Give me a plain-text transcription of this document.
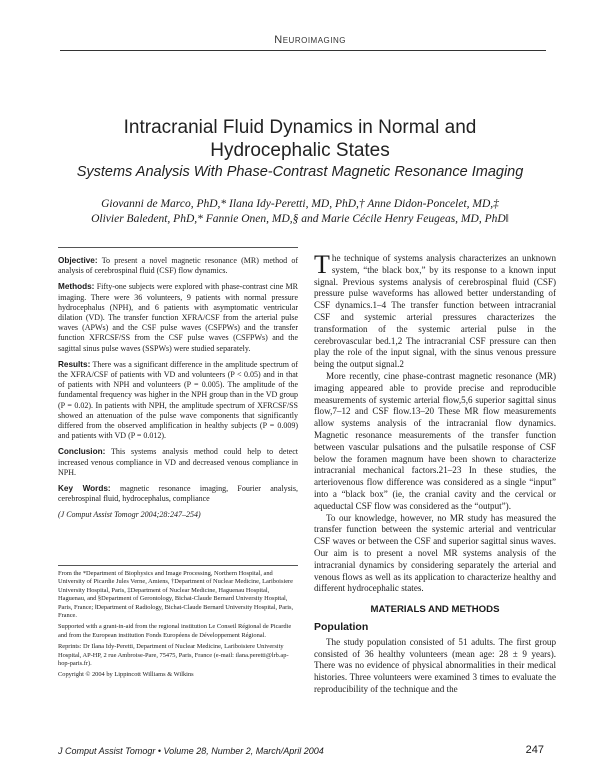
Neuroimaging
Intracranial Fluid Dynamics in Normal and
Hydrocephalic States
Systems Analysis With Phase-Contrast Magnetic Resonance Imaging
Giovanni de Marco, PhD,* Ilana Idy-Peretti, MD, PhD,† Anne Didon-Poncelet, MD,‡
Olivier Baledent, PhD,* Fannie Onen, MD,§ and Marie Cécile Henry Feugeas, MD, PhD‖

Objective: To present a novel magnetic resonance (MR) method of analysis of cerebrospinal fluid (CSF) flow dynamics.

Methods: Fifty-one subjects were explored with phase-contrast cine MR imaging. There were 36 volunteers, 9 patients with normal pressure hydrocephalus (NPH), and 6 patients with asymptomatic ventricular dilation (VD). The transfer function XFRA/CSF from the arterial pulse waves (APWs) and the CSF pulse waves (CSFPWs) and the transfer function XFRCSF/SS from the CSF pulse waves (CSFPWs) and the sagittal sinus pulse waves (SSPWs) were studied separately.

Results: There was a significant difference in the amplitude spectrum of the XFRA/CSF of patients with VD and volunteers (P < 0.05) and in that of patients with NPH and volunteers (P = 0.005). The amplitude of the fundamental frequency was higher in the NPH group than in the VD group (P = 0.02). In patients with NPH, the amplitude spectrum of XFRCSF/SS showed an attenuation of the pulse wave components that significantly differed from the observed amplification in healthy subjects (P = 0.009) and patients with VD (P = 0.012).

Conclusion: This systems analysis method could help to detect increased venous compliance in VD and decreased venous compliance in NPH.

Key Words: magnetic resonance imaging, Fourier analysis, cerebrospinal fluid, hydrocephalus, compliance

(J Comput Assist Tomogr 2004;28:247–254)

From the *Department of Biophysics and Image Processing, Northern Hospital, and University of Picardie Jules Verne, Amiens, †Department of Nuclear Medicine, Lariboisiere University Hospital, Paris, ‡Department of Nuclear Medicine, Haguenau Hospital, Haguenau, and §Department of Gerontology, Bichat-Claude Bernard University Hospital, Paris, France; ‖Department of Radiology, Bichat-Claude Bernard University Hospital, Paris, France.

Supported with a grant-in-aid from the regional institution Le Conseil Régional de Picardie and from the European institution Fonds Européens de Développement Régional.

Reprints: Dr Ilana Idy-Peretti, Department of Nuclear Medicine, Lariboisiere University Hospital, AP-HP, 2 rue Ambroise-Pare, 75475, Paris, France (e-mail: ilana.peretti@lrb.ap-hop-paris.fr).

Copyright © 2004 by Lippincott Williams & Wilkins

The technique of systems analysis characterizes an unknown system, “the black box,” by its response to a known input signal. Previous systems analysis of cerebrospinal fluid (CSF) pressure pulse waveforms has allowed better understanding of CSF dynamics.1–4 The transfer function between intracranial CSF and systemic arterial pressures characterizes the transformation of the systemic arterial pulse in the cerebrovascular bed.1,2 The intracranial CSF pressure can then play the role of the input signal, with the sinus venous pressure being the output signal.2

More recently, cine phase-contrast magnetic resonance (MR) imaging appeared able to provide precise and reproducible measurements of systemic arterial flow,5,6 superior sagittal sinus flow,7–12 and CSF flow.13–20 These MR flow measurements allow systems analysis of the intracranial flow dynamics. Magnetic resonance measurements of the transfer function between vascular pulsations and the pulsatile response of CSF below the foramen magnum have been shown to characterize intracranial mechanical factors.21–23 In these studies, the arteriovenous flow difference was considered as a single “input” into a “black box” (ie, the cranial cavity and the cervical or aqueductal CSF flow was considered as the “output”).

To our knowledge, however, no MR study has measured the transfer function between the systemic arterial and ventricular CSF waves or between the CSF and superior sagittal sinus waves. Our aim is to present a novel MR systems analysis of the intracranial dynamics by considering separately the arterial and venous flows as well as its application to characterize healthy and different hydrocephalic states.

MATERIALS AND METHODS
Population

The study population consisted of 51 adults. The first group consisted of 36 healthy volunteers (mean age: 28 ± 9 years). There was no evidence of physical abnormalities in their medical histories. Three volunteers were examined 3 times to evaluate the reproducibility of the technique and the

J Comput Assist Tomogr • Volume 28, Number 2, March/April 2004	247
